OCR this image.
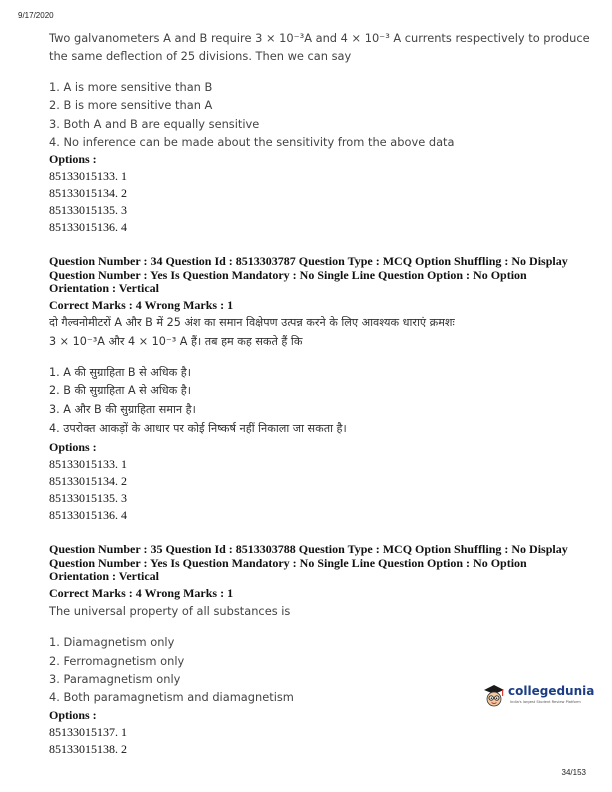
9/17/2020
Two galvanometers A and B require 3 × 10⁻³A and 4 × 10⁻³ A currents respectively to produce
the same deflection of 25 divisions. Then we can say
1. A is more sensitive than B
2. B is more sensitive than A
3. Both A and B are equally sensitive
4. No inference can be made about the sensitivity from the above data
Options :
85133015133. 1
85133015134. 2
85133015135. 3
85133015136. 4
Question Number : 34 Question Id : 8513303787 Question Type : MCQ Option Shuffling : No Display Question Number : Yes Is Question Mandatory : No Single Line Question Option : No Option Orientation : Vertical
Correct Marks : 4 Wrong Marks : 1
दो गैल्वनोमीटरों A और B में 25 अंश का समान विक्षेपण उत्पन्न करने के लिए आवश्यक धाराएं क्रमशः
3 × 10⁻³A और 4 × 10⁻³ A हैं। तब हम कह सकते हैं कि
1. A की सुग्राहिता B से अधिक है।
2. B की सुग्राहिता A से अधिक है।
3. A और B की सुग्राहिता समान है।
4. उपरोक्त आकड़ों के आधार पर कोई निष्कर्ष नहीं निकाला जा सकता है।
Options :
85133015133. 1
85133015134. 2
85133015135. 3
85133015136. 4
Question Number : 35 Question Id : 8513303788 Question Type : MCQ Option Shuffling : No Display Question Number : Yes Is Question Mandatory : No Single Line Question Option : No Option Orientation : Vertical
Correct Marks : 4 Wrong Marks : 1
The universal property of all substances is
1. Diamagnetism only
2. Ferromagnetism only
3. Paramagnetism only
4. Both paramagnetism and diamagnetism
Options :
85133015137. 1
85133015138. 2
collegedunia
India's largest Student Review Platform
34/153
